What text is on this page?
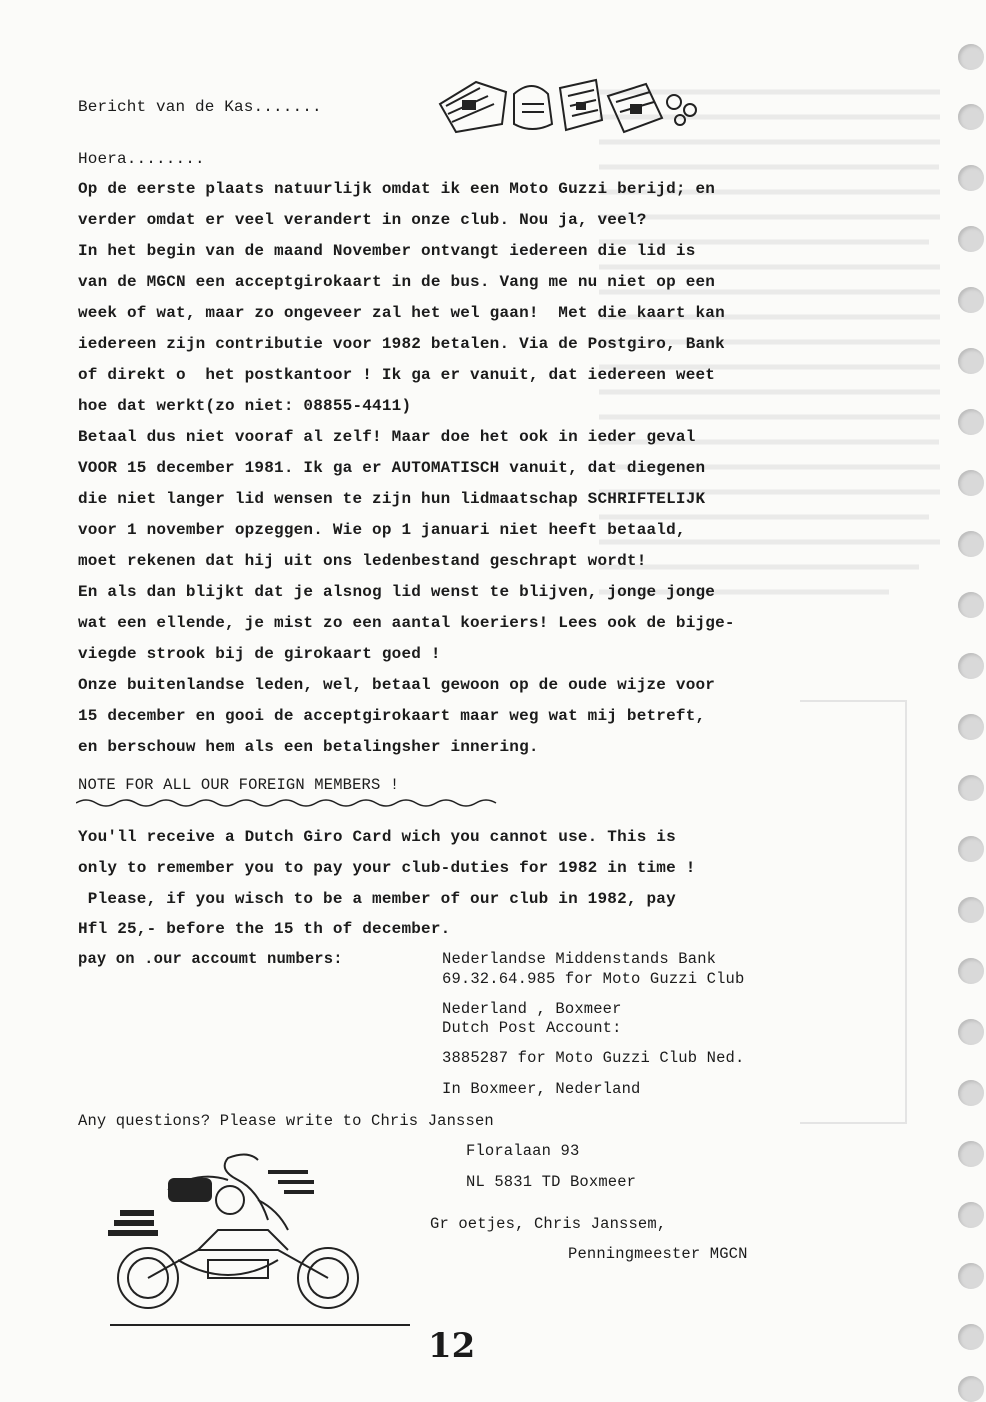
Bericht van de Kas.......
Hoera........
Op de eerste plaats natuurlijk omdat ik een Moto Guzzi berijd; en
verder omdat er veel verandert in onze club. Nou ja, veel?
In het begin van de maand November ontvangt iedereen die lid is
van de MGCN een acceptgirokaart in de bus. Vang me nu niet op een
week of wat, maar zo ongeveer zal het wel gaan!  Met die kaart kan
iedereen zijn contributie voor 1982 betalen. Via de Postgiro, Bank
of direkt o  het postkantoor ! Ik ga er vanuit, dat iedereen weet
hoe dat werkt(zo niet: 08855-4411)
Betaal dus niet vooraf al zelf! Maar doe het ook in ieder geval
VOOR 15 december 1981. Ik ga er AUTOMATISCH vanuit, dat diegenen
die niet langer lid wensen te zijn hun lidmaatschap SCHRIFTELIJK
voor 1 november opzeggen. Wie op 1 januari niet heeft betaald,
moet rekenen dat hij uit ons ledenbestand geschrapt wordt!
En als dan blijkt dat je alsnog lid wenst te blijven, jonge jonge
wat een ellende, je mist zo een aantal koeriers! Lees ook de bijge-
viegde strook bij de girokaart goed !
Onze buitenlandse leden, wel, betaal gewoon op de oude wijze voor
15 december en gooi de acceptgirokaart maar weg wat mij betreft,
en berschouw hem als een betalingsher innering.
NOTE FOR ALL OUR FOREIGN MEMBERS !
You'll receive a Dutch Giro Card wich you cannot use. This is
only to remember you to pay your club-duties for 1982 in time !
Please, if you wisch to be a member of our club in 1982, pay
Hfl 25,- before the 15 th of december.
pay on .our accoumt numbers:	Nederlandse Middenstands Bank
69.32.64.985 for Moto Guzzi Club
Nederland , Boxmeer
Dutch Post Account:
3885287 for Moto Guzzi Club Ned.
In Boxmeer, Nederland
Any questions? Please write to Chris Janssen
Floralaan 93
NL 5831 TD Boxmeer
Gr oetjes, Chris Janssem,
Penningmeester MGCN
12
